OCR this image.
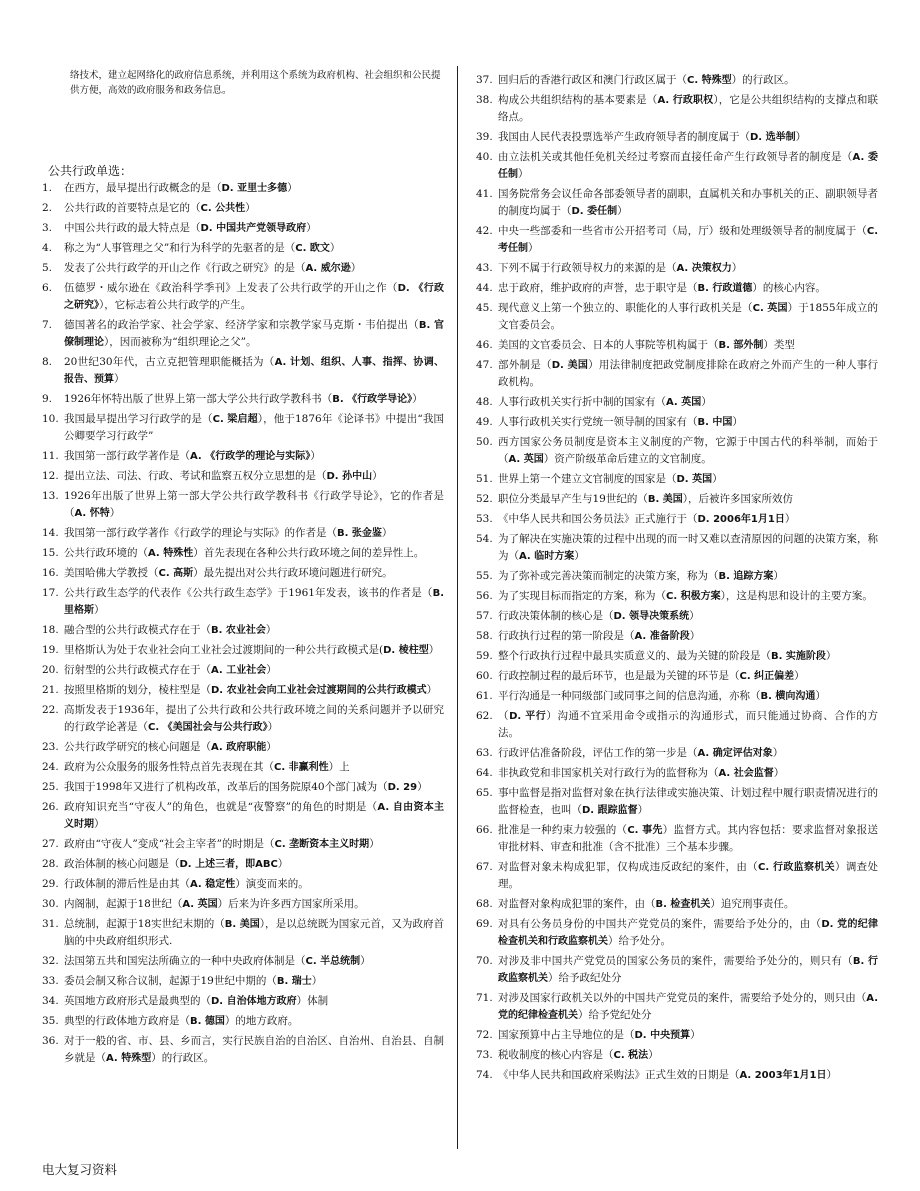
络技术，建立起网络化的政府信息系统，并利用这个系统为政府机构、社会组织和公民提供方便，高效的政府服务和政务信息。
公共行政单选：
1.	在西方，最早提出行政概念的是（D. 亚里士多德）
2.	公共行政的首要特点是它的（C. 公共性）
3.	中国公共行政的最大特点是（D. 中国共产党领导政府）
4.	称之为“人事管理之父”和行为科学的先驱者的是（C. 欧文）
5.	发表了公共行政学的开山之作《行政之研究》的是（A. 威尔逊）
6.	伍德罗・威尔逊在《政治科学季刊》上发表了公共行政学的开山之作（D. 《行政之研究》），它标志着公共行政学的产生。
7.	德国著名的政治学家、社会学家、经济学家和宗教学家马克斯・韦伯提出（B. 官僚制理论），因而被称为“组织理论之父”。
8.	20世纪30年代，古立克把管理职能概括为（A. 计划、组织、人事、指挥、协调、报告、预算）
9.	1926年怀特出版了世界上第一部大学公共行政学教科书（B. 《行政学导论》）
10. 我国最早提出学习行政学的是（C. 梁启超），他于1876年《论译书》中提出“我国公卿要学习行政学”
11. 我国第一部行政学著作是（A. 《行政学的理论与实际》）
12. 提出立法、司法、行政、考试和监察五权分立思想的是（D. 孙中山）
13. 1926年出版了世界上第一部大学公共行政学教科书《行政学导论》，它的作者是（A. 怀特）
14. 我国第一部行政学著作《行政学的理论与实际》的作者是（B. 张金鉴）
15. 公共行政环境的（A. 特殊性）首先表现在各种公共行政环境之间的差异性上。
16. 美国哈佛大学教授（C. 高斯）最先提出对公共行政环境问题进行研究。
17. 公共行政生态学的代表作《公共行政生态学》于1961年发表，该书的作者是（B. 里格斯）
18. 融合型的公共行政模式存在于（B. 农业社会）
19. 里格斯认为处于农业社会向工业社会过渡期间的一种公共行政模式是(D. 棱柱型）
20. 衍射型的公共行政模式存在于（A. 工业社会）
21. 按照里格斯的划分，棱柱型是（D. 农业社会向工业社会过渡期间的公共行政模式）
22. 高斯发表于1936年，提出了公共行政和公共行政环境之间的关系问题并予以研究的行政学论著是（C. 《美国社会与公共行政》）
23. 公共行政学研究的核心问题是（A. 政府职能）
24. 政府为公众服务的服务性特点首先表现在其（C. 非赢利性）上
25. 我国于1998年又进行了机构改革，改革后的国务院原40个部门减为（D. 29）
26. 政府知识充当“守夜人”的角色，也就是“夜警察”的角色的时期是（A. 自由资本主义时期）
27. 政府由“守夜人”变成“社会主宰者”的时期是（C. 垄断资本主义时期）
28. 政治体制的核心问题是（D. 上述三者，即ABC）
29. 行政体制的滞后性是由其（A. 稳定性）演变而来的。
30. 内阁制，起源于18世纪（A. 英国）后来为许多西方国家所采用。
31. 总统制，起源于18实世纪末期的（B. 美国），是以总统既为国家元首，又为政府首脑的中央政府组织形式.
32. 法国第五共和国宪法所确立的一种中央政府体制是（C. 半总统制）
33. 委员会制又称合议制，起源于19世纪中期的（B. 瑞士）
34. 英国地方政府形式是最典型的（D. 自治体地方政府）体制
35. 典型的行政体地方政府是（B. 德国）的地方政府。
36. 对于一般的省、市、县、乡而言，实行民族自治的自治区、自治州、自治县、自制乡就是（A. 特殊型）的行政区。
37. 回归后的香港行政区和澳门行政区属于（C. 特殊型）的行政区。
38. 构成公共组织结构的基本要素是（A. 行政职权），它是公共组织结构的支撑点和联络点。
39. 我国由人民代表投票选举产生政府领导者的制度属于（D. 选举制）
40. 由立法机关或其他任免机关经过考察而直接任命产生行政领导者的制度是（A. 委任制）
41. 国务院常务会议任命各部委领导者的副职，直属机关和办事机关的正、副职领导者的制度均属于（D. 委任制）
42. 中央一些部委和一些省市公开招考司（局，厅）级和处理级领导者的制度属于（C. 考任制）
43. 下列不属于行政领导权力的来源的是（A. 决策权力）
44. 忠于政府，维护政府的声誉，忠于职守是（B. 行政道德）的核心内容。
45. 现代意义上第一个独立的、职能化的人事行政机关是（C. 英国）于1855年成立的文官委员会。
46. 美国的文官委员会、日本的人事院等机构属于（B. 部外制）类型
47. 部外制是（D. 美国）用法律制度把政党制度排除在政府之外而产生的一种人事行政机构。
48. 人事行政机关实行折中制的国家有（A. 英国）
49. 人事行政机关实行党统一领导制的国家有（B. 中国）
50. 西方国家公务员制度是资本主义制度的产物，它源于中国古代的科举制，而始于（A. 英国）资产阶级革命后建立的文官制度。
51. 世界上第一个建立文官制度的国家是（D. 英国）
52. 职位分类最早产生与19世纪的（B. 美国），后被许多国家所效仿
53. 《中华人民共和国公务员法》正式施行于（D. 2006年1月1日）
54. 为了解决在实施决策的过程中出现的而一时又难以查清原因的问题的决策方案，称为（A. 临时方案）
55. 为了弥补或完善决策而制定的决策方案，称为（B. 追踪方案）
56. 为了实现目标而指定的方案，称为（C. 积极方案），这是构思和设计的主要方案。
57. 行政决策体制的核心是（D. 领导决策系统）
58. 行政执行过程的第一阶段是（A. 准备阶段）
59. 整个行政执行过程中最具实质意义的、最为关键的阶段是（B. 实施阶段）
60. 行政控制过程的最后环节，也是最为关键的环节是（C. 纠正偏差）
61. 平行沟通是一种同级部门或同事之间的信息沟通，亦称（B. 横向沟通）
62. （D. 平行）沟通不宜采用命令或指示的沟通形式，而只能通过协商、合作的方法。
63. 行政评估准备阶段，评估工作的第一步是（A. 确定评估对象）
64. 非执政党和非国家机关对行政行为的监督称为（A. 社会监督）
65. 事中监督是指对监督对象在执行法律或实施决策、计划过程中履行职责情况进行的监督检查，也叫（D. 跟踪监督）
66. 批准是一种约束力较强的（C. 事先）监督方式。其内容包括：要求监督对象报送审批材料、审查和批准（含不批准）三个基本步骤。
67. 对监督对象未构成犯罪，仅构成违反政纪的案件，由（C. 行政监察机关）调查处理。
68. 对监督对象构成犯罪的案件，由（B. 检查机关）追究刑事责任。
69. 对具有公务员身份的中国共产党党员的案件，需要给予处分的，由（D. 党的纪律检查机关和行政监察机关）给予处分。
70. 对涉及非中国共产党党员的国家公务员的案件，需要给予处分的，则只有（B. 行政监察机关）给予政纪处分
71. 对涉及国家行政机关以外的中国共产党党员的案件，需要给予处分的，则只由（A. 党的纪律检查机关）给予党纪处分
72. 国家预算中占主导地位的是（D. 中央预算）
73. 税收制度的核心内容是（C. 税法）
74. 《中华人民共和国政府采购法》正式生效的日期是（A. 2003年1月1日）
电大复习资料
